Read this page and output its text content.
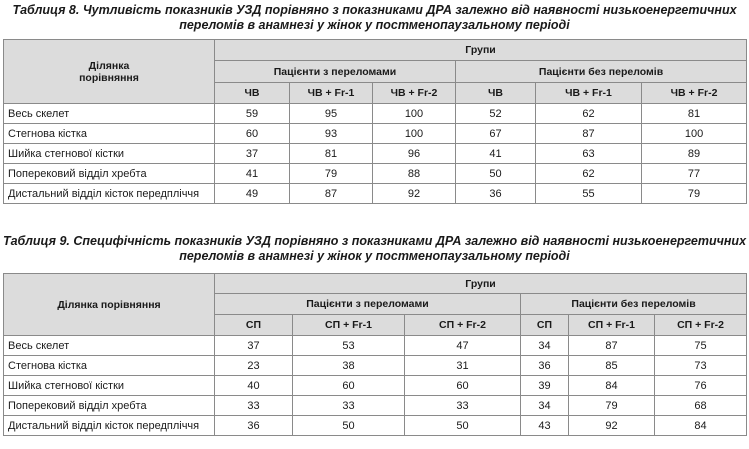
Таблиця 8. Чутливість показників УЗД порівняно з показниками ДРА залежно від наявності низькоенергетичних
переломів в анамнезі у жінок у постменопаузальному періоді
Ділянка
порівняння	Групи					
	Пацієнти з переломами			Пацієнти без переломів		
	ЧВ	ЧВ + Fr-1	ЧВ + Fr-2	ЧВ	ЧВ + Fr-1	ЧВ + Fr-2
Весь скелет	59	95	100	52	62	81
Стегнова кістка	60	93	100	67	87	100
Шийка стегнової кістки	37	81	96	41	63	89
Поперековий відділ хребта	41	79	88	50	62	77
Дистальний відділ кісток передпліччя	49	87	92	36	55	79
Таблиця 9. Специфічність показників УЗД порівняно з показниками ДРА залежно від наявності низькоенергетичних
переломів в анамнезі у жінок у постменопаузальному періоді
Ділянка порівняння	Групи					
	Пацієнти з переломами			Пацієнти без переломів		
	СП	СП + Fr-1	СП + Fr-2	СП	СП + Fr-1	СП + Fr-2
Весь скелет	37	53	47	34	87	75
Стегнова кістка	23	38	31	36	85	73
Шийка стегнової кістки	40	60	60	39	84	76
Поперековий відділ хребта	33	33	33	34	79	68
Дистальний відділ кісток передпліччя	36	50	50	43	92	84
